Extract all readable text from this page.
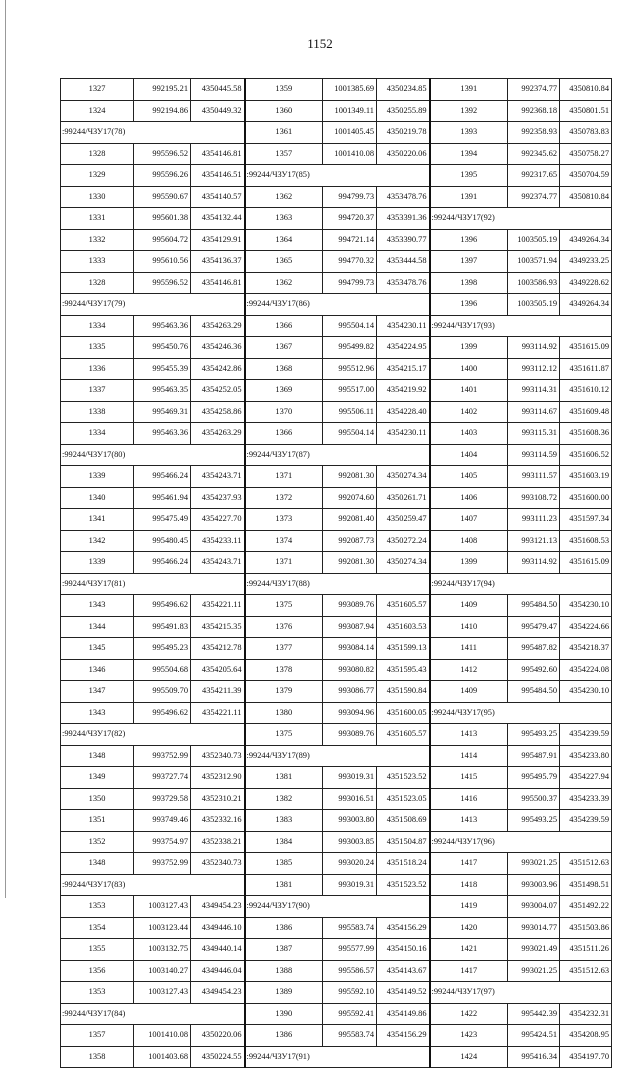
1152
1327	992195.21	4350445.58	1359	1001385.69	4350234.85	1391	992374.77	4350810.84
1324	992194.86	4350449.32	1360	1001349.11	4350255.89	1392	992368.18	4350801.51
:99244/ЧЗУ17(78)			1361	1001405.45	4350219.78	1393	992358.93	4350783.83
1328	995596.52	4354146.81	1357	1001410.08	4350220.06	1394	992345.62	4350758.27
1329	995596.26	4354146.51	:99244/ЧЗУ17(85)			1395	992317.65	4350704.59
1330	995590.67	4354140.57	1362	994799.73	4353478.76	1391	992374.77	4350810.84
1331	995601.38	4354132.44	1363	994720.37	4353391.36	:99244/ЧЗУ17(92)		
1332	995604.72	4354129.91	1364	994721.14	4353390.77	1396	1003505.19	4349264.34
1333	995610.56	4354136.37	1365	994770.32	4353444.58	1397	1003571.94	4349233.25
1328	995596.52	4354146.81	1362	994799.73	4353478.76	1398	1003586.93	4349228.62
:99244/ЧЗУ17(79)			:99244/ЧЗУ17(86)			1396	1003505.19	4349264.34
1334	995463.36	4354263.29	1366	995504.14	4354230.11	:99244/ЧЗУ17(93)		
1335	995450.76	4354246.36	1367	995499.82	4354224.95	1399	993114.92	4351615.09
1336	995455.39	4354242.86	1368	995512.96	4354215.17	1400	993112.12	4351611.87
1337	995463.35	4354252.05	1369	995517.00	4354219.92	1401	993114.31	4351610.12
1338	995469.31	4354258.86	1370	995506.11	4354228.40	1402	993114.67	4351609.48
1334	995463.36	4354263.29	1366	995504.14	4354230.11	1403	993115.31	4351608.36
:99244/ЧЗУ17(80)			:99244/ЧЗУ17(87)			1404	993114.59	4351606.52
1339	995466.24	4354243.71	1371	992081.30	4350274.34	1405	993111.57	4351603.19
1340	995461.94	4354237.93	1372	992074.60	4350261.71	1406	993108.72	4351600.00
1341	995475.49	4354227.70	1373	992081.40	4350259.47	1407	993111.23	4351597.34
1342	995480.45	4354233.11	1374	992087.73	4350272.24	1408	993121.13	4351608.53
1339	995466.24	4354243.71	1371	992081.30	4350274.34	1399	993114.92	4351615.09
:99244/ЧЗУ17(81)			:99244/ЧЗУ17(88)			:99244/ЧЗУ17(94)		
1343	995496.62	4354221.11	1375	993089.76	4351605.57	1409	995484.50	4354230.10
1344	995491.83	4354215.35	1376	993087.94	4351603.53	1410	995479.47	4354224.66
1345	995495.23	4354212.78	1377	993084.14	4351599.13	1411	995487.82	4354218.37
1346	995504.68	4354205.64	1378	993080.82	4351595.43	1412	995492.60	4354224.08
1347	995509.70	4354211.39	1379	993086.77	4351590.84	1409	995484.50	4354230.10
1343	995496.62	4354221.11	1380	993094.96	4351600.05	:99244/ЧЗУ17(95)		
:99244/ЧЗУ17(82)			1375	993089.76	4351605.57	1413	995493.25	4354239.59
1348	993752.99	4352340.73	:99244/ЧЗУ17(89)			1414	995487.91	4354233.80
1349	993727.74	4352312.90	1381	993019.31	4351523.52	1415	995495.79	4354227.94
1350	993729.58	4352310.21	1382	993016.51	4351523.05	1416	995500.37	4354233.39
1351	993749.46	4352332.16	1383	993003.80	4351508.69	1413	995493.25	4354239.59
1352	993754.97	4352338.21	1384	993003.85	4351504.87	:99244/ЧЗУ17(96)		
1348	993752.99	4352340.73	1385	993020.24	4351518.24	1417	993021.25	4351512.63
:99244/ЧЗУ17(83)			1381	993019.31	4351523.52	1418	993003.96	4351498.51
1353	1003127.43	4349454.23	:99244/ЧЗУ17(90)			1419	993004.07	4351492.22
1354	1003123.44	4349446.10	1386	995583.74	4354156.29	1420	993014.77	4351503.86
1355	1003132.75	4349440.14	1387	995577.99	4354150.16	1421	993021.49	4351511.26
1356	1003140.27	4349446.04	1388	995586.57	4354143.67	1417	993021.25	4351512.63
1353	1003127.43	4349454.23	1389	995592.10	4354149.52	:99244/ЧЗУ17(97)		
:99244/ЧЗУ17(84)			1390	995592.41	4354149.86	1422	995442.39	4354232.31
1357	1001410.08	4350220.06	1386	995583.74	4354156.29	1423	995424.51	4354208.95
1358	1001403.68	4350224.55	:99244/ЧЗУ17(91)			1424	995416.34	4354197.70
